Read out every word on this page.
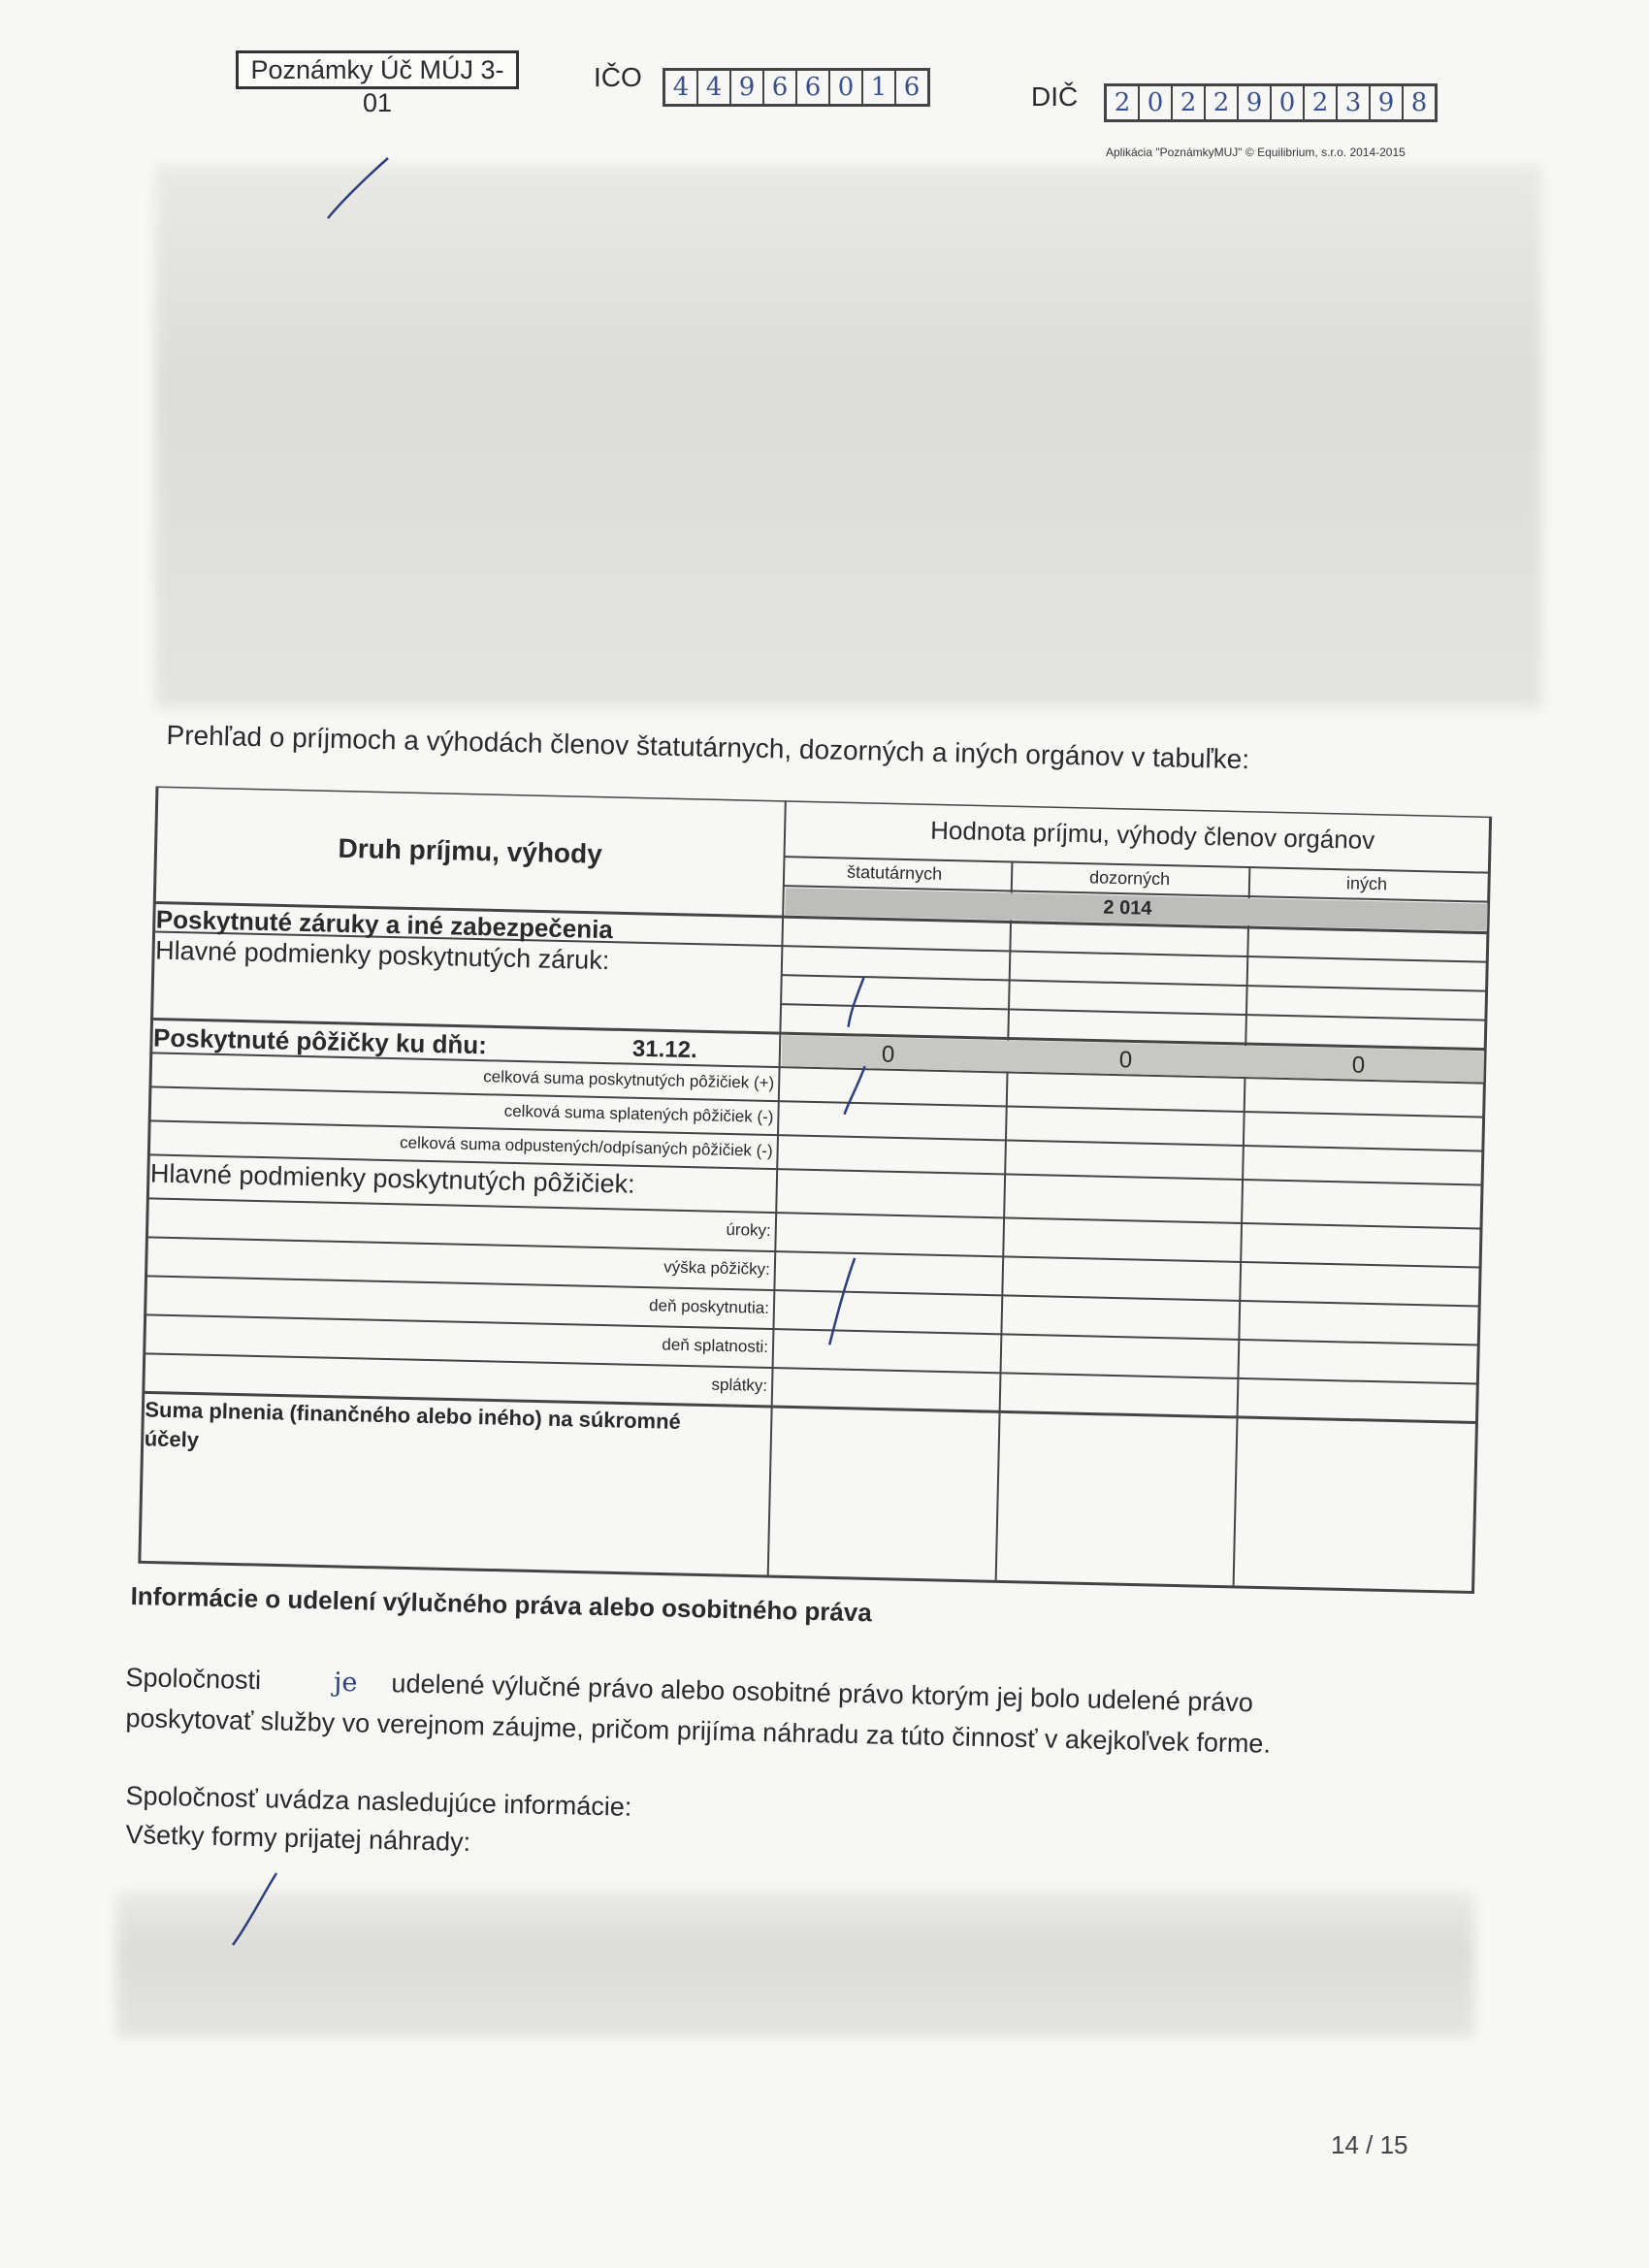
Poznámky Úč MÚJ 3-01
IČO 4 4 9 6 6 0 1 6	DIČ 2 0 2 2 9 0 2 3 9 8
Aplikácia "PoznámkyMUJ" © Equilibrium, s.r.o. 2014-2015
Prehľad o príjmoch a výhodách členov štatutárnych, dozorných a iných orgánov v tabuľke:
Druh príjmu, výhody	Hodnota príjmu, výhody členov orgánov
štatutárnych	dozorných	iných
2 014
Poskytnuté záruky a iné zabezpečenia
Hlavné podmienky poskytnutých záruk:
Poskytnuté pôžičky ku dňu:	31.12.	0	0	0
celková suma poskytnutých pôžičiek (+)
celková suma splatených pôžičiek (-)
celková suma odpustených/odpísaných pôžičiek (-)
Hlavné podmienky poskytnutých pôžičiek:
úroky:
výška pôžičky:
deň poskytnutia:
deň splatnosti:
splátky:
Suma plnenia (finančného alebo iného) na súkromné
účely
Informácie o udelení výlučného práva alebo osobitného práva
Spoločnosti	je udelené výlučné právo alebo osobitné právo ktorým jej bolo udelené právo
poskytovať služby vo verejnom záujme, pričom prijíma náhradu za túto činnosť v akejkoľvek forme.
Spoločnosť uvádza nasledujúce informácie:
Všetky formy prijatej náhrady:
14 / 15
